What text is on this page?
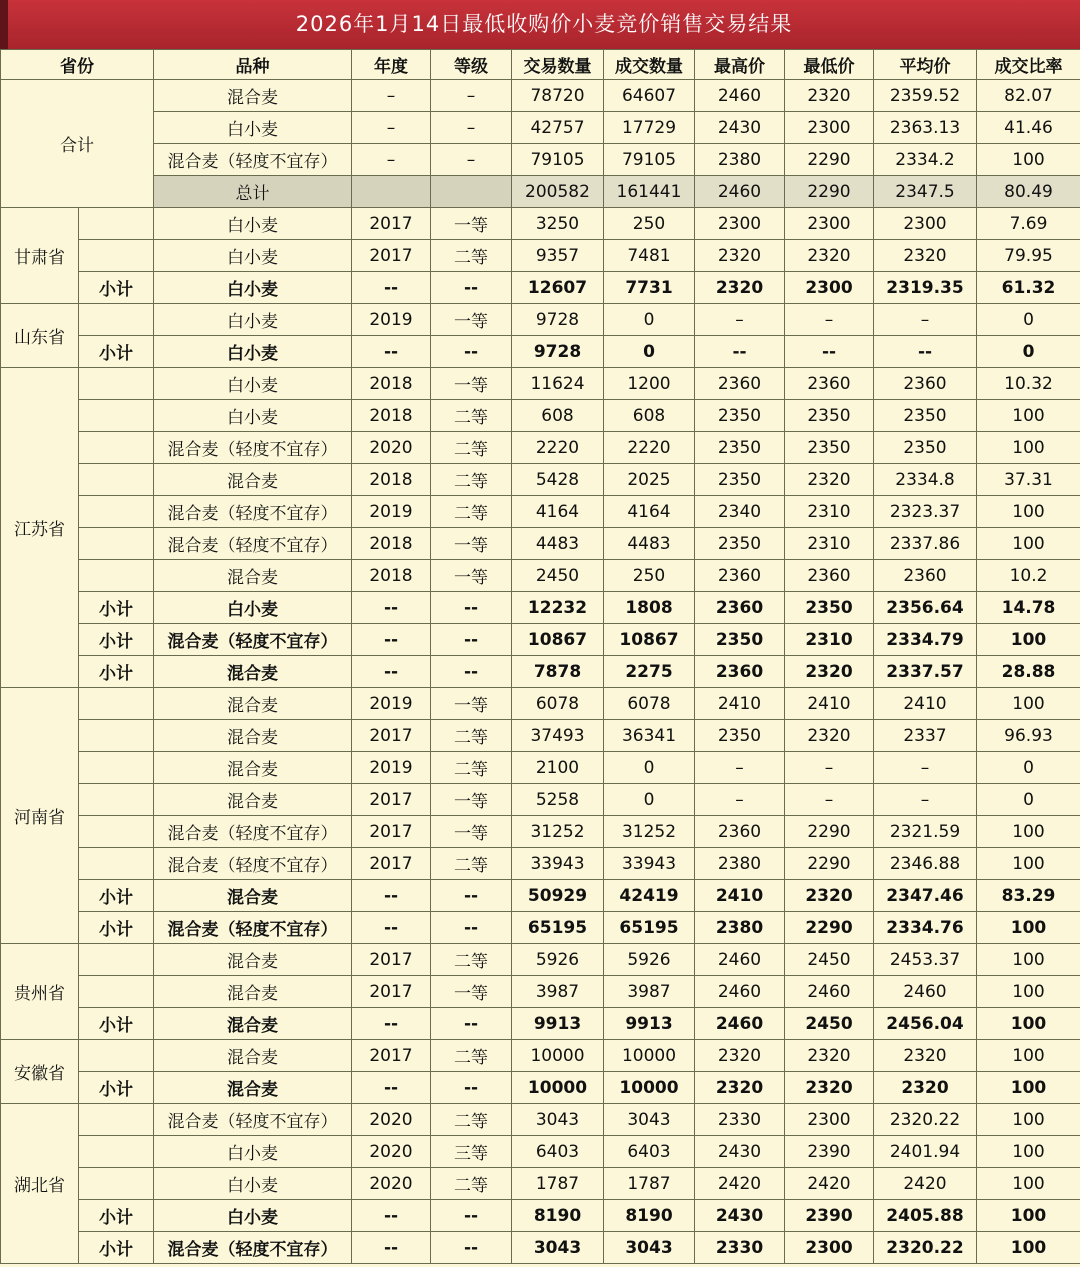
2026年1月14日最低收购价小麦竞价销售交易结果
省份		品种	年度	等级	交易数量	成交数量	最高价	最低价	平均价	成交比率
合计		混合麦	–	–	78720	64607	2460	2320	2359.52	82.07
		白小麦	–	–	42757	17729	2430	2300	2363.13	41.46
		混合麦（轻度不宜存）	–	–	79105	79105	2380	2290	2334.2	100
		总计			200582	161441	2460	2290	2347.5	80.49
甘肃省		白小麦	2017	一等	3250	250	2300	2300	2300	7.69
		白小麦	2017	二等	9357	7481	2320	2320	2320	79.95
	小计	白小麦	--	--	12607	7731	2320	2300	2319.35	61.32
山东省		白小麦	2019	一等	9728	0	–	–	–	0
	小计	白小麦	--	--	9728	0	--	--	--	0
江苏省		白小麦	2018	一等	11624	1200	2360	2360	2360	10.32
		白小麦	2018	二等	608	608	2350	2350	2350	100
		混合麦（轻度不宜存）	2020	二等	2220	2220	2350	2350	2350	100
		混合麦	2018	二等	5428	2025	2350	2320	2334.8	37.31
		混合麦（轻度不宜存）	2019	二等	4164	4164	2340	2310	2323.37	100
		混合麦（轻度不宜存）	2018	一等	4483	4483	2350	2310	2337.86	100
		混合麦	2018	一等	2450	250	2360	2360	2360	10.2
	小计	白小麦	--	--	12232	1808	2360	2350	2356.64	14.78
	小计	混合麦（轻度不宜存）	--	--	10867	10867	2350	2310	2334.79	100
	小计	混合麦	--	--	7878	2275	2360	2320	2337.57	28.88
河南省		混合麦	2019	一等	6078	6078	2410	2410	2410	100
		混合麦	2017	二等	37493	36341	2350	2320	2337	96.93
		混合麦	2019	二等	2100	0	–	–	–	0
		混合麦	2017	一等	5258	0	–	–	–	0
		混合麦（轻度不宜存）	2017	一等	31252	31252	2360	2290	2321.59	100
		混合麦（轻度不宜存）	2017	二等	33943	33943	2380	2290	2346.88	100
	小计	混合麦	--	--	50929	42419	2410	2320	2347.46	83.29
	小计	混合麦（轻度不宜存）	--	--	65195	65195	2380	2290	2334.76	100
贵州省		混合麦	2017	二等	5926	5926	2460	2450	2453.37	100
		混合麦	2017	一等	3987	3987	2460	2460	2460	100
	小计	混合麦	--	--	9913	9913	2460	2450	2456.04	100
安徽省		混合麦	2017	二等	10000	10000	2320	2320	2320	100
	小计	混合麦	--	--	10000	10000	2320	2320	2320	100
湖北省		混合麦（轻度不宜存）	2020	二等	3043	3043	2330	2300	2320.22	100
		白小麦	2020	三等	6403	6403	2430	2390	2401.94	100
		白小麦	2020	二等	1787	1787	2420	2420	2420	100
	小计	白小麦	--	--	8190	8190	2430	2390	2405.88	100
	小计	混合麦（轻度不宜存）	--	--	3043	3043	2330	2300	2320.22	100
